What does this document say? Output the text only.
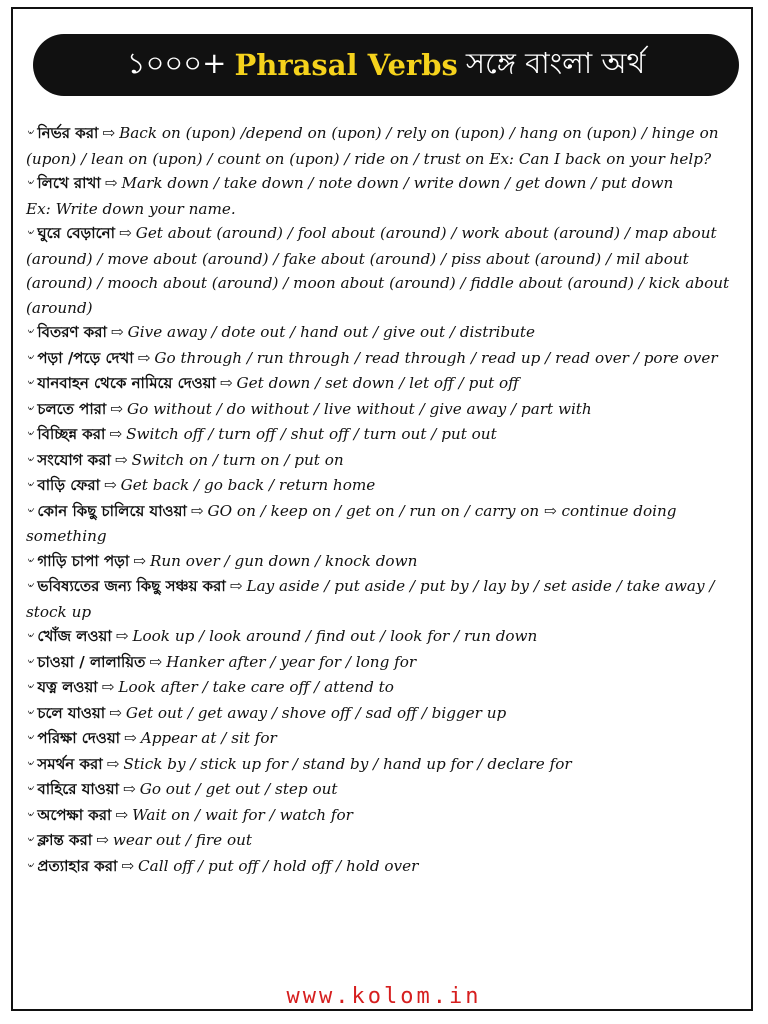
১০০০+ Phrasal Verbs সঙ্গে বাংলা অর্থ

৺ নির্ভর করা ⇨ Back on (upon) /depend on (upon) / rely on (upon) / hang on (upon) / hinge on (upon) / lean on (upon) / count on (upon) / ride on / trust on Ex: Can I back on your help?

৺ লিখে রাখা ⇨ Mark down / take down / note down / write down / get down / put down

Ex: Write down your name.

৺ ঘুরে বেড়ানো ⇨ Get about (around) / fool about (around) / work about (around) / map about (around) / move about (around) / fake about (around) / piss about (around) / mil about (around) / mooch about (around) / moon about (around) / fiddle about (around) / kick about (around)

৺ বিতরণ করা ⇨ Give away / dote out / hand out / give out / distribute

৺ পড়া /পড়ে দেখা ⇨ Go through / run through / read through / read up / read over / pore over

৺ যানবাহন থেকে নামিয়ে দেওয়া ⇨ Get down / set down / let off / put off

৺ চলতে পারা ⇨ Go without / do without / live without / give away / part with

৺ বিচ্ছিন্ন করা ⇨ Switch off / turn off / shut off / turn out / put out

৺ সংযোগ করা ⇨ Switch on / turn on / put on

৺ বাড়ি ফেরা ⇨ Get back / go back / return home

৺ কোন কিছু চালিয়ে যাওয়া ⇨ GO on / keep on / get on / run on / carry on ⇨ continue doing something

৺ গাড়ি চাপা পড়া ⇨ Run over / gun down / knock down

৺ ভবিষ্যতের জন্য কিছু সঞ্চয় করা ⇨ Lay aside / put aside / put by / lay by / set aside / take away / stock up

৺ খোঁজ লওয়া ⇨ Look up / look around / find out / look for / run down

৺ চাওয়া / লালায়িত ⇨ Hanker after / year for / long for

৺ যত্ন লওয়া ⇨ Look after / take care off / attend to

৺ চলে যাওয়া ⇨ Get out / get away / shove off / sad off / bigger up

৺ পরিক্ষা দেওয়া ⇨ Appear at / sit for

৺ সমর্থন করা ⇨ Stick by / stick up for / stand by / hand up for / declare for

৺ বাহিরে যাওয়া ⇨ Go out / get out / step out

৺ অপেক্ষা করা ⇨ Wait on / wait for / watch for

৺ ক্লান্ত করা ⇨ wear out / fire out

৺ প্রত্যাহার করা ⇨ Call off / put off / hold off / hold over

www.kolom.in
